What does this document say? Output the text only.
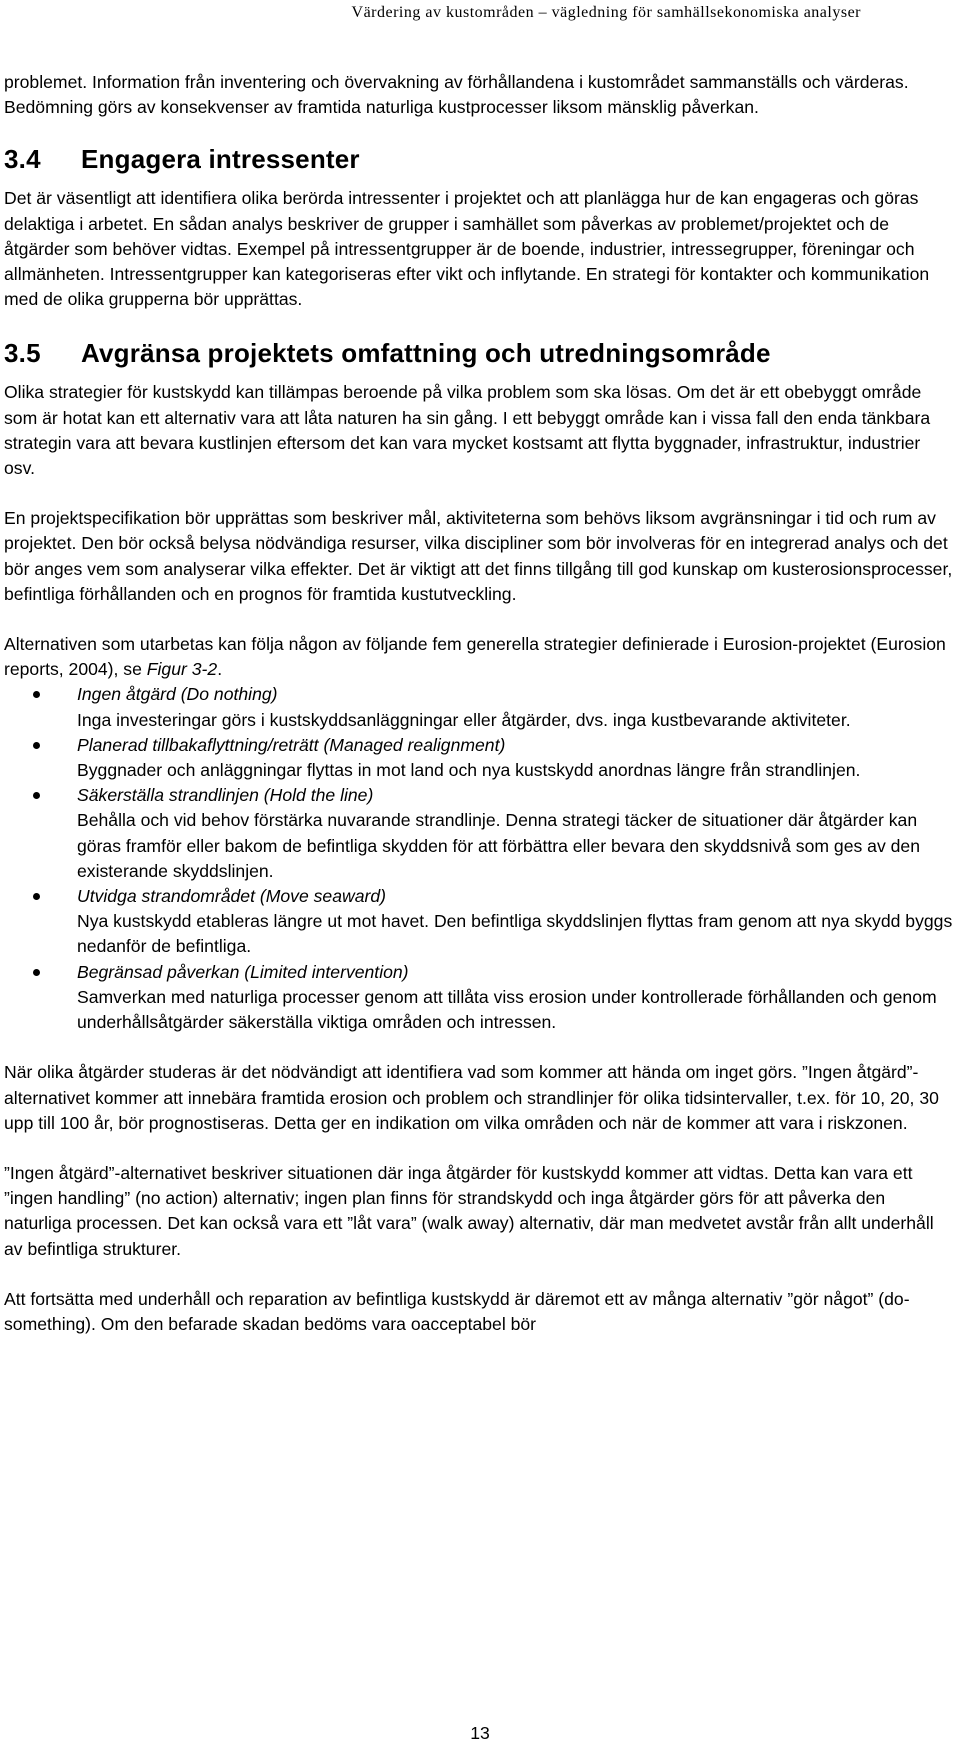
Värdering av kustområden – vägledning för samhällsekonomiska analyser

problemet. Information från inventering och övervakning av förhållandena i kustområdet sammanställs och värderas. Bedömning görs av konsekvenser av framtida naturliga kustprocesser liksom mänsklig påverkan.

3.4 Engagera intressenter

Det är väsentligt att identifiera olika berörda intressenter i projektet och att planlägga hur de kan engageras och göras delaktiga i arbetet. En sådan analys beskriver de grupper i samhället som påverkas av problemet/projektet och de åtgärder som behöver vidtas. Exempel på intressentgrupper är de boende, industrier, intressegrupper, föreningar och allmänheten. Intressentgrupper kan kategoriseras efter vikt och inflytande. En strategi för kontakter och kommunikation med de olika grupperna bör upprättas.

3.5 Avgränsa projektets omfattning och utredningsområde

Olika strategier för kustskydd kan tillämpas beroende på vilka problem som ska lösas. Om det är ett obebyggt område som är hotat kan ett alternativ vara att låta naturen ha sin gång. I ett bebyggt område kan i vissa fall den enda tänkbara strategin vara att bevara kustlinjen eftersom det kan vara mycket kostsamt att flytta byggnader, infrastruktur, industrier osv.

En projektspecifikation bör upprättas som beskriver mål, aktiviteterna som behövs liksom avgränsningar i tid och rum av projektet. Den bör också belysa nödvändiga resurser, vilka discipliner som bör involveras för en integrerad analys och det bör anges vem som analyserar vilka effekter. Det är viktigt att det finns tillgång till god kunskap om kusterosionsprocesser, befintliga förhållanden och en prognos för framtida kustutveckling.

Alternativen som utarbetas kan följa någon av följande fem generella strategier definierade i Eurosion-projektet (Eurosion reports, 2004), se Figur 3-2.

Ingen åtgärd (Do nothing)
Inga investeringar görs i kustskyddsanläggningar eller åtgärder, dvs. inga kustbevarande aktiviteter.
Planerad tillbakaflyttning/reträtt (Managed realignment)
Byggnader och anläggningar flyttas in mot land och nya kustskydd anordnas längre från strandlinjen.
Säkerställa strandlinjen (Hold the line)
Behålla och vid behov förstärka nuvarande strandlinje. Denna strategi täcker de situationer där åtgärder kan göras framför eller bakom de befintliga skydden för att förbättra eller bevara den skyddsnivå som ges av den existerande skyddslinjen.
Utvidga strandområdet (Move seaward)
Nya kustskydd etableras längre ut mot havet. Den befintliga skyddslinjen flyttas fram genom att nya skydd byggs nedanför de befintliga.
Begränsad påverkan (Limited intervention)
Samverkan med naturliga processer genom att tillåta viss erosion under kontrollerade förhållanden och genom underhållsåtgärder säkerställa viktiga områden och intressen.

När olika åtgärder studeras är det nödvändigt att identifiera vad som kommer att hända om inget görs. ”Ingen åtgärd”-alternativet kommer att innebära framtida erosion och problem och strandlinjer för olika tidsintervaller, t.ex. för 10, 20, 30 upp till 100 år, bör prognostiseras. Detta ger en indikation om vilka områden och när de kommer att vara i riskzonen.

”Ingen åtgärd”-alternativet beskriver situationen där inga åtgärder för kustskydd kommer att vidtas. Detta kan vara ett ”ingen handling” (no action) alternativ; ingen plan finns för strandskydd och inga åtgärder görs för att påverka den naturliga processen. Det kan också vara ett ”låt vara” (walk away) alternativ, där man medvetet avstår från allt underhåll av befintliga strukturer.

Att fortsätta med underhåll och reparation av befintliga kustskydd är däremot ett av många alternativ ”gör något” (do-something). Om den befarade skadan bedöms vara oacceptabel bör

13
